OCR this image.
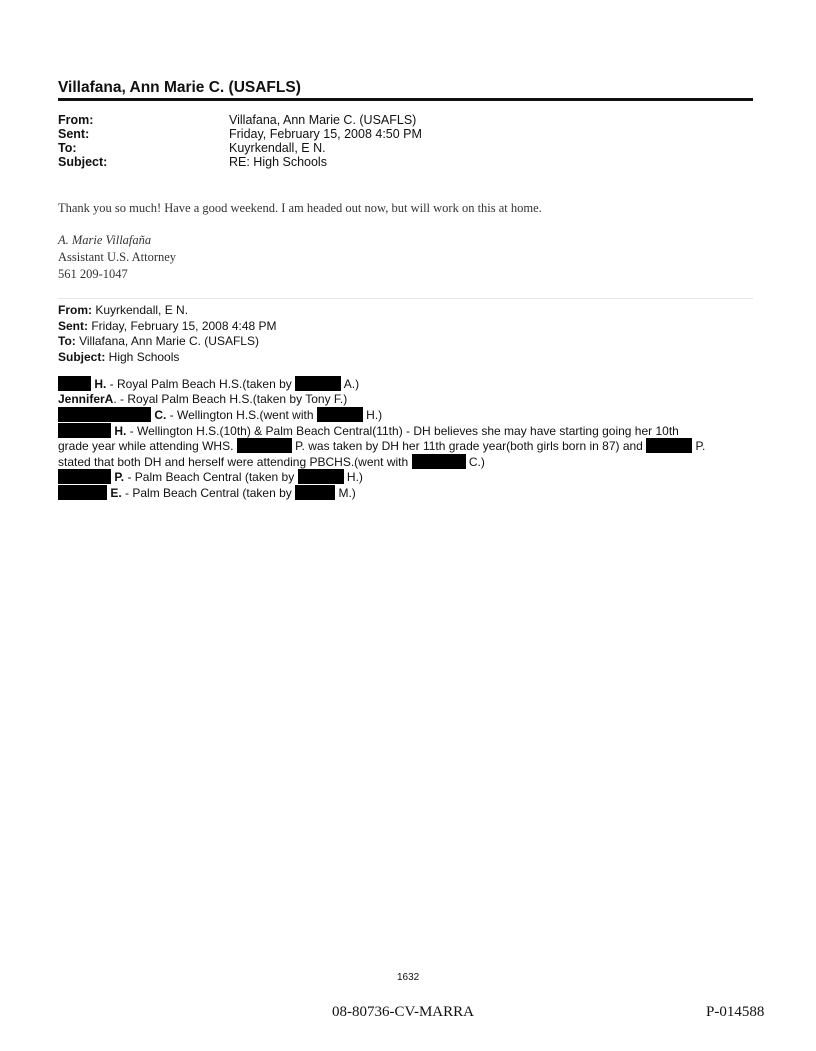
Villafana, Ann Marie C. (USAFLS)
From:	Villafana, Ann Marie C. (USAFLS)
Sent:	Friday, February 15, 2008 4:50 PM
To:	Kuyrkendall, E N.
Subject:	RE: High Schools
Thank you so much! Have a good weekend. I am headed out now, but will work on this at home.
A. Marie Villafaña
Assistant U.S. Attorney
561 209-1047
From: Kuyrkendall, E N.
Sent: Friday, February 15, 2008 4:48 PM
To: Villafana, Ann Marie C. (USAFLS)
Subject: High Schools
H. - Royal Palm Beach H.S.(taken by	A.)
JenniferA. - Royal Palm Beach H.S.(taken by Tony F.)
C. - Wellington H.S.(went with	H.)
H. - Wellington H.S.(10th) & Palm Beach Central(11th) - DH believes she may have starting going her 10th
grade year while attending WHS.	P. was taken by DH her 11th grade year(both girls born in 87) and	P.
stated that both DH and herself were attending PBCHS.(went with	C.)
P. - Palm Beach Central (taken by	H.)
E. - Palm Beach Central (taken by	M.)
1632
08-80736-CV-MARRA	P-014588
